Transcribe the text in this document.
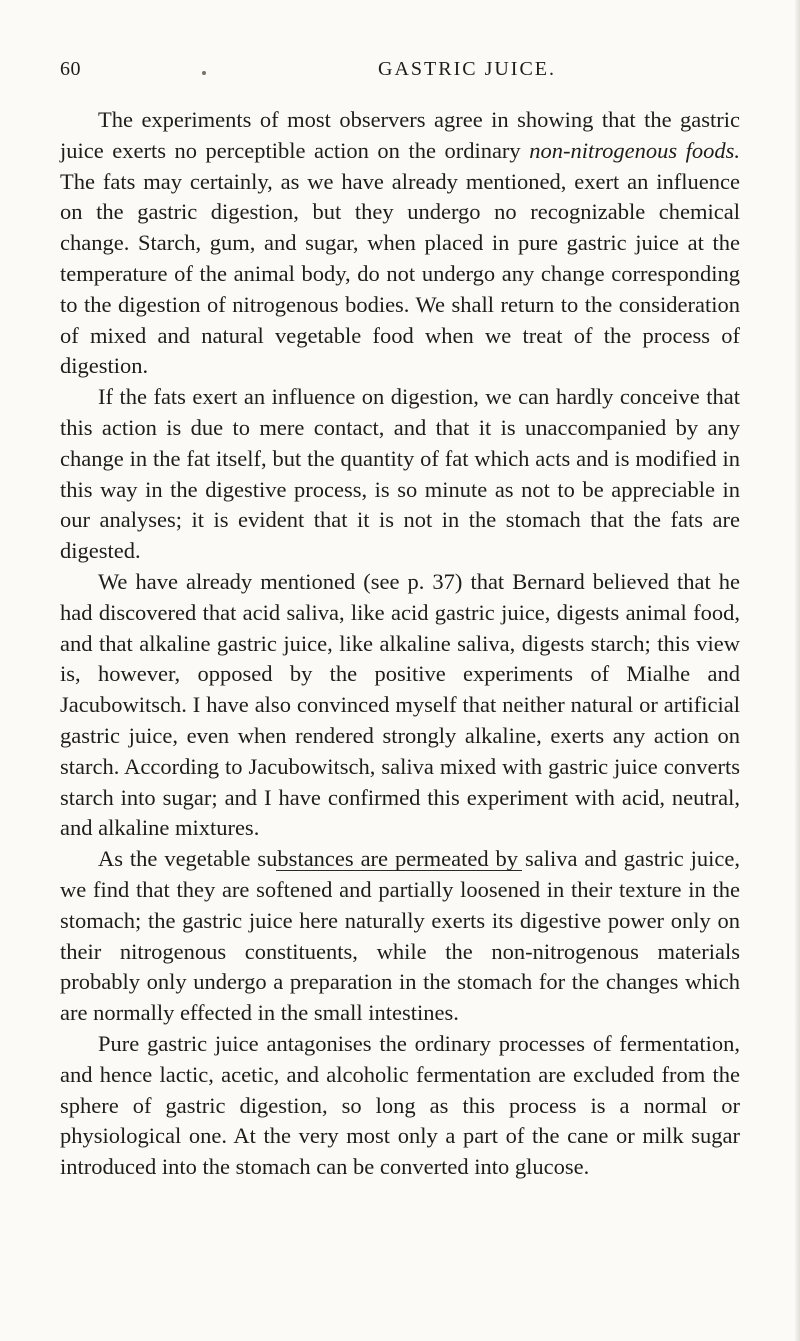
60	GASTRIC JUICE.

The experiments of most observers agree in showing that the gastric juice exerts no perceptible action on the ordinary non-nitrogenous foods. The fats may certainly, as we have already mentioned, exert an influence on the gastric digestion, but they undergo no recognizable chemical change. Starch, gum, and sugar, when placed in pure gastric juice at the temperature of the animal body, do not undergo any change corresponding to the digestion of nitrogenous bodies. We shall return to the consideration of mixed and natural vegetable food when we treat of the process of digestion.

If the fats exert an influence on digestion, we can hardly conceive that this action is due to mere contact, and that it is unaccompanied by any change in the fat itself, but the quantity of fat which acts and is modified in this way in the digestive process, is so minute as not to be appreciable in our analyses; it is evident that it is not in the stomach that the fats are digested.

We have already mentioned (see p. 37) that Bernard believed that he had discovered that acid saliva, like acid gastric juice, digests animal food, and that alkaline gastric juice, like alkaline saliva, digests starch; this view is, however, opposed by the positive experiments of Mialhe and Jacubowitsch. I have also convinced myself that neither natural or artificial gastric juice, even when rendered strongly alkaline, exerts any action on starch. According to Jacubowitsch, saliva mixed with gastric juice converts starch into sugar; and I have confirmed this experiment with acid, neutral, and alkaline mixtures.

As the vegetable substances are permeated by saliva and gastric juice, we find that they are softened and partially loosened in their texture in the stomach; the gastric juice here naturally exerts its digestive power only on their nitrogenous constituents, while the non-nitrogenous materials probably only undergo a preparation in the stomach for the changes which are normally effected in the small intestines.

Pure gastric juice antagonises the ordinary processes of fermentation, and hence lactic, acetic, and alcoholic fermentation are excluded from the sphere of gastric digestion, so long as this process is a normal or physiological one. At the very most only a part of the cane or milk sugar introduced into the stomach can be converted into glucose.
